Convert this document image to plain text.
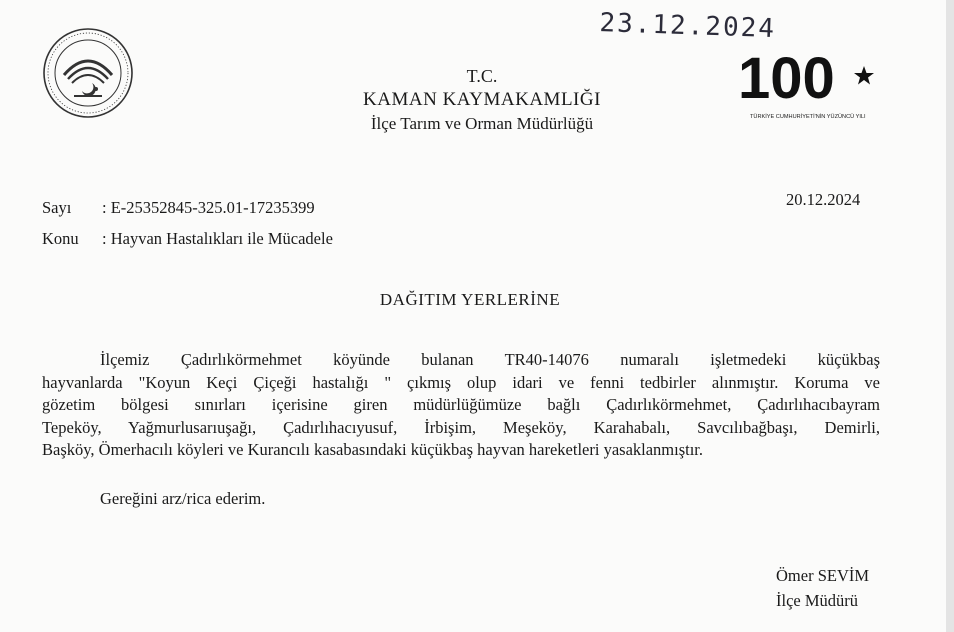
23.12.2024
100
TÜRKİYE CUMHURİYETİ'NİN YÜZÜNCÜ YILI
T.C.
KAMAN KAYMAKAMLIĞI
İlçe Tarım ve Orman Müdürlüğü
Sayı : E-25352845-325.01-17235399
Konu : Hayvan Hastalıkları ile Mücadele
20.12.2024
DAĞITIM YERLERİNE
İlçemiz Çadırlıkörmehmet köyünde bulanan TR40-14076 numaralı işletmedeki küçükbaş
hayvanlarda "Koyun Keçi Çiçeği hastalığı " çıkmış olup idari ve fenni tedbirler alınmıştır. Koruma ve
gözetim bölgesi sınırları içerisine giren müdürlüğümüze bağlı Çadırlıkörmehmet, Çadırlıhacıbayram
Tepeköy, Yağmurlusarıuşağı, Çadırlıhacıyusuf, İrbişim, Meşeköy, Karahabalı, Savcılıbağbaşı, Demirli,
Başköy, Ömerhacılı köyleri ve Kurancılı kasabasındaki küçükbaş hayvan hareketleri yasaklanmıştır.
Gereğini arz/rica ederim.
Ömer SEVİM
İlçe Müdürü
